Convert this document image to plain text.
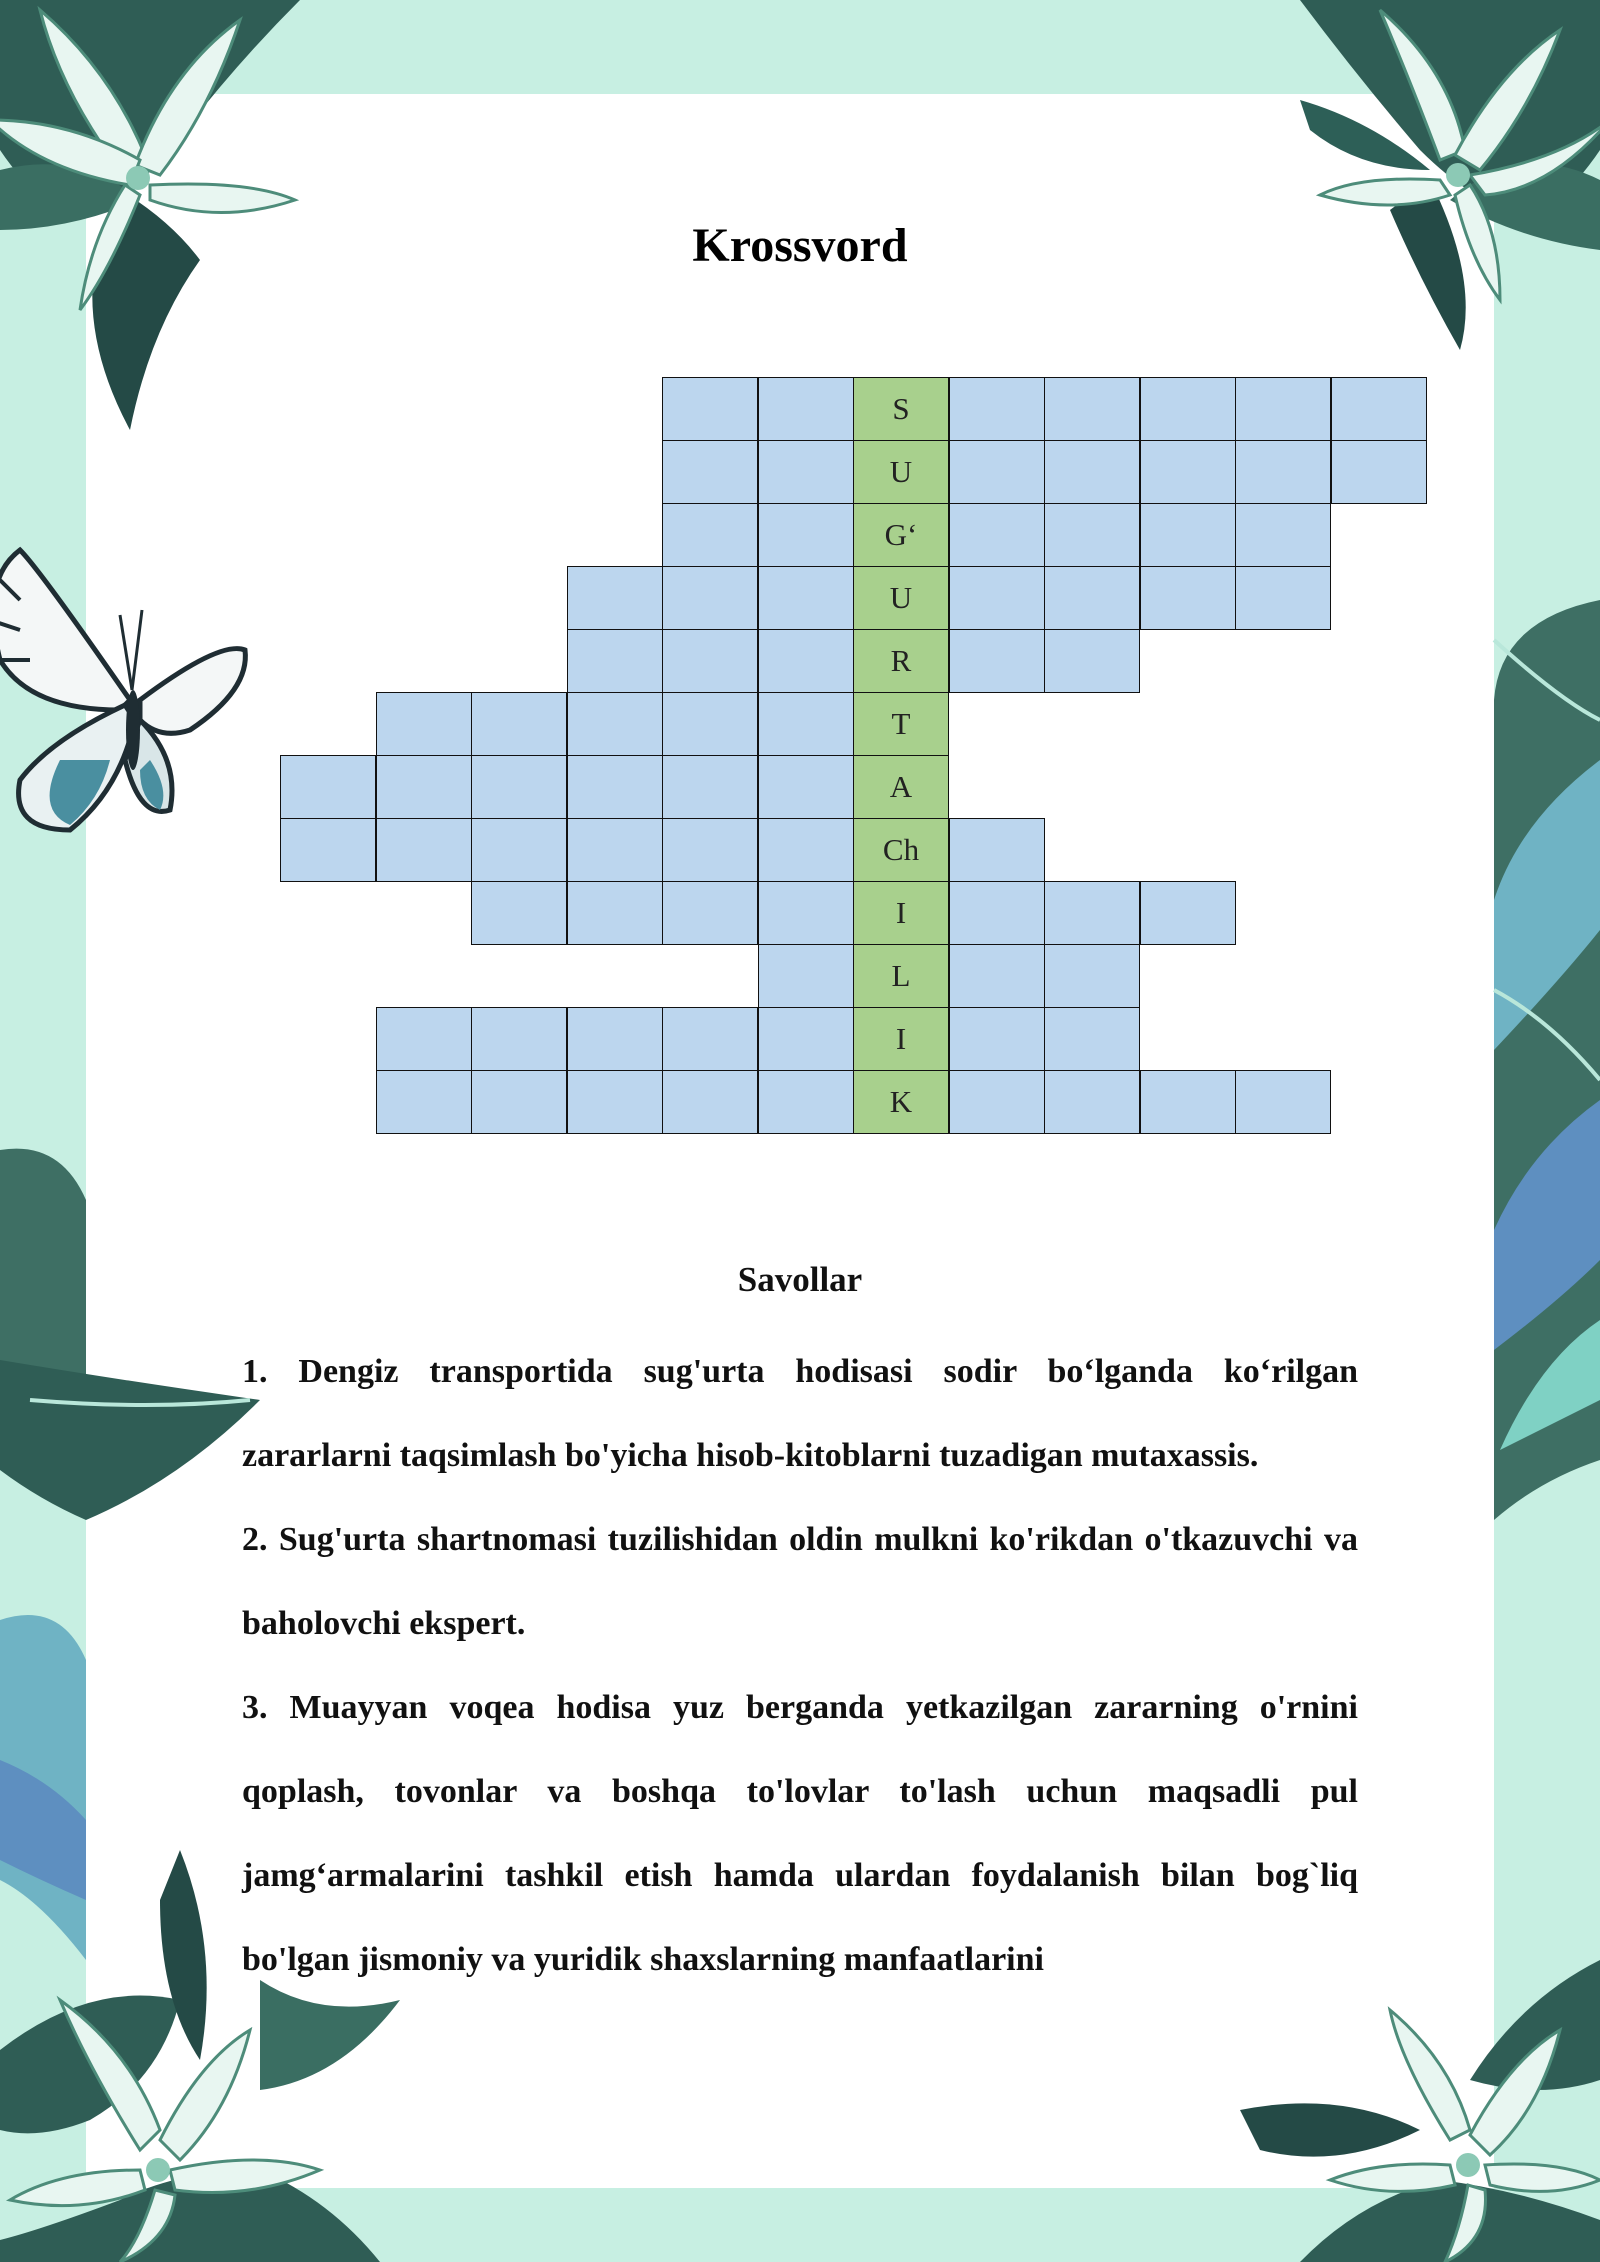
Krossvord
S
U
G‘
U
R
T
A
Ch
I
L
I
K
Savollar

1. Dengiz transportida sug'urta hodisasi sodir bo‘lganda ko‘rilgan zararlarni taqsimlash bo'yicha hisob-kitoblarni tuzadigan mutaxassis.

2. Sug'urta shartnomasi tuzilishidan oldin mulkni ko'rikdan o'tkazuvchi va baholovchi ekspert.

3. Muayyan voqea hodisa yuz berganda yetkazilgan zararning o'rnini qoplash, tovonlar va boshqa to'lovlar to'lash uchun maqsadli pul jamg‘armalarini tashkil etish hamda ulardan foydalanish bilan bog`liq bo'lgan jismoniy va yuridik shaxslarning manfaatlarini
